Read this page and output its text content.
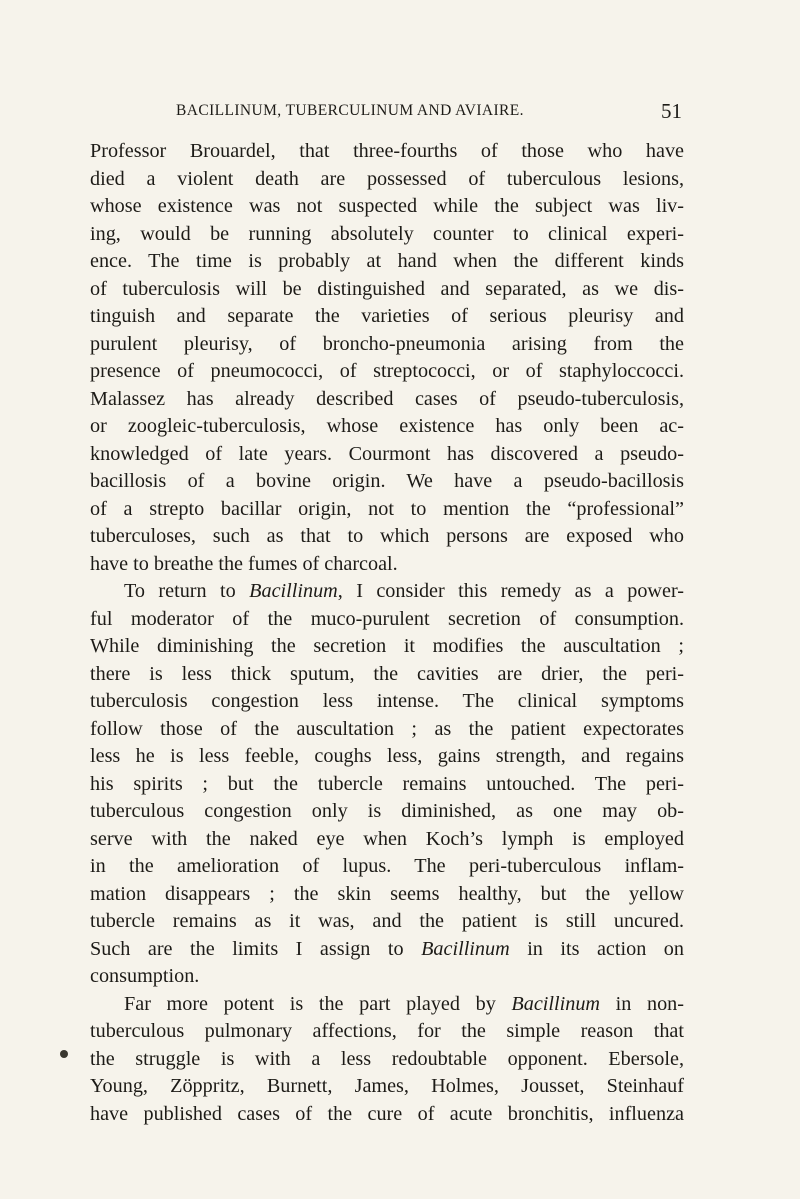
BACILLINUM, TUBERCULINUM AND AVIAIRE.	51
Professor Brouardel, that three-fourths of those who have
died a violent death are possessed of tuberculous lesions,
whose existence was not suspected while the subject was liv-
ing, would be running absolutely counter to clinical experi-
ence. The time is probably at hand when the different kinds
of tuberculosis will be distinguished and separated, as we dis-
tinguish and separate the varieties of serious pleurisy and
purulent pleurisy, of broncho-pneumonia arising from the
presence of pneumococci, of streptococci, or of staphyloccocci.
Malassez has already described cases of pseudo-tuberculosis,
or zoogleic-tuberculosis, whose existence has only been ac-
knowledged of late years. Courmont has discovered a pseudo-
bacillosis of a bovine origin. We have a pseudo-bacillosis
of a strepto bacillar origin, not to mention the “professional”
tuberculoses, such as that to which persons are exposed who
have to breathe the fumes of charcoal.
To return to Bacillinum, I consider this remedy as a power-
ful moderator of the muco-purulent secretion of consumption.
While diminishing the secretion it modifies the auscultation ;
there is less thick sputum, the cavities are drier, the peri-
tuberculosis congestion less intense. The clinical symptoms
follow those of the auscultation ; as the patient expectorates
less he is less feeble, coughs less, gains strength, and regains
his spirits ; but the tubercle remains untouched. The peri-
tuberculous congestion only is diminished, as one may ob-
serve with the naked eye when Koch’s lymph is employed
in the amelioration of lupus. The peri-tuberculous inflam-
mation disappears ; the skin seems healthy, but the yellow
tubercle remains as it was, and the patient is still uncured.
Such are the limits I assign to Bacillinum in its action on
consumption.
Far more potent is the part played by Bacillinum in non-
tuberculous pulmonary affections, for the simple reason that
the struggle is with a less redoubtable opponent. Ebersole,
Young, Zöppritz, Burnett, James, Holmes, Jousset, Steinhauf
have published cases of the cure of acute bronchitis, influenza
